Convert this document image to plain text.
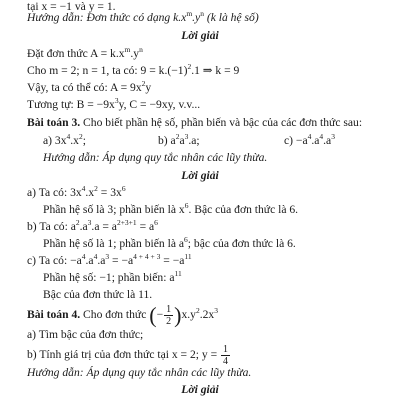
tại x = −1 và y = 1.
Hướng dẫn: Đơn thức có dạng $k.x^m.y^n$ (k là hệ số)
Lời giải
Đặt đơn thức $A = k.x^m.y^n$
Cho m = 2; n = 1, ta có: $9 = k.(-1)^2.1$ ⇒ k = 9
Vậy, ta có thể có: $A = 9x^2y$
Tương tự: $B = -9x^3y$, C = −9xy, v.v...
Bài toán 3. Cho biết phần hệ số, phần biến và bậc của các đơn thức sau:
a) $3x^4.x^2$;	b) $a^2a^3.a$;	$c) -a^4.a^4.a^3$
Hướng dẫn: Áp dụng quy tắc nhân các lũy thừa.
Lời giải
a) Ta có: $3x^4.x^2 = 3x^6$
Phần hệ số là 3; phần biến là $x^6$. Bậc của đơn thức là 6.
b) Ta có: $a^2.a^3.a = a^{2+3+1} = a^6$
Phần hệ số là 1; phần biến là $a^6$; bậc của đơn thức là 6.
c) Ta có: $-a^4.a^4.a^3 = -a^{4 + 4 + 3} = -a^{11}$
Phần hệ số: −1; phần biến: $a^{11}$
Bậc của đơn thức là 11.
Bài toán 4. Cho đơn thức (− $\frac{1}{2} )x.y^2.2x^3$
a) Tìm bậc của đơn thức;
b) Tính giá trị của đơn thức tại x = 2; $y = \frac{1}{4}$
Hướng dẫn: Áp dụng quy tắc nhân các lũy thừa.
Lời giải
